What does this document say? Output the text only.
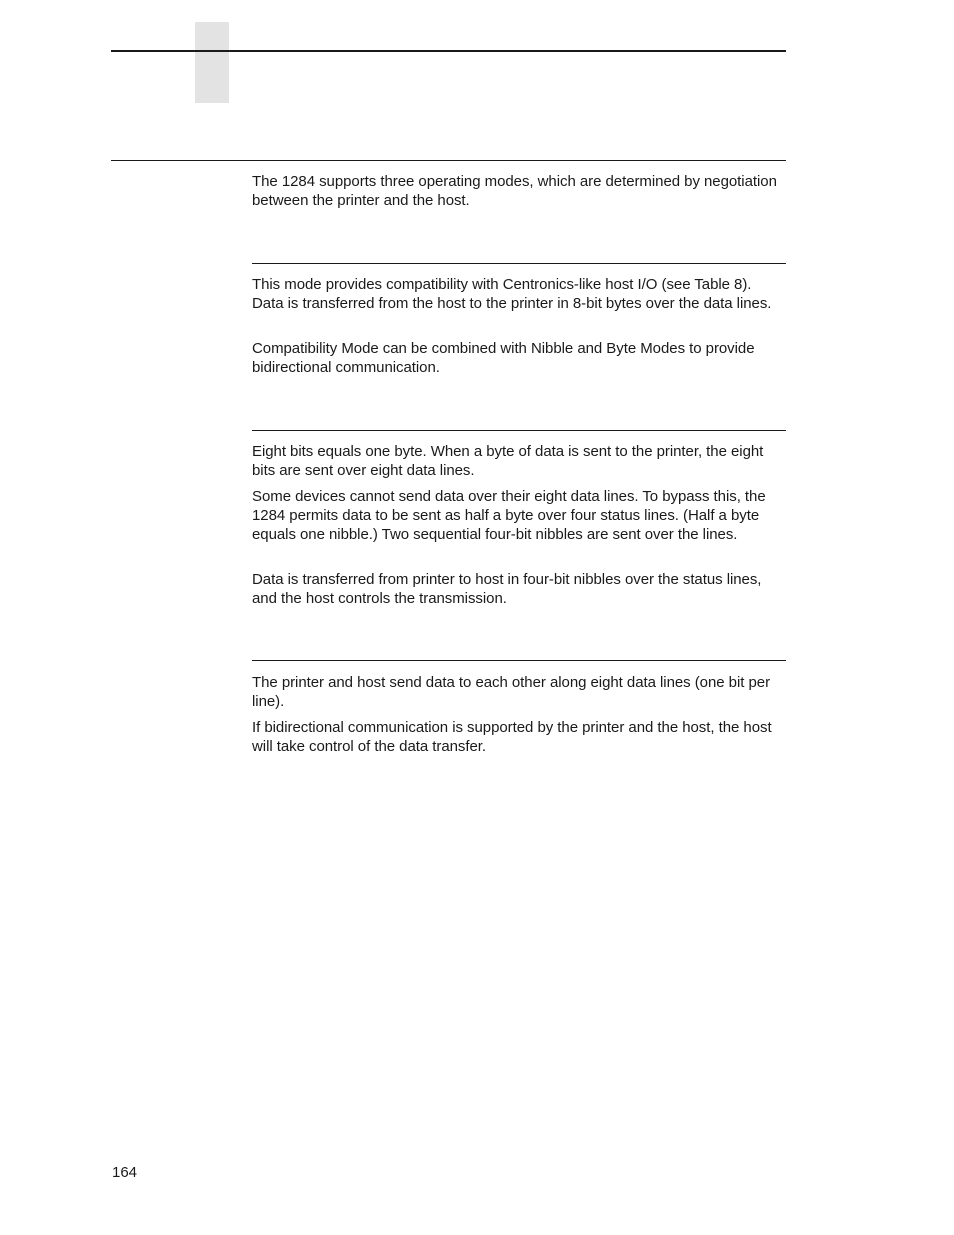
The 1284 supports three operating modes, which are determined by negotiation between the printer and the host.

This mode provides compatibility with Centronics-like host I/O (see Table 8). Data is transferred from the host to the printer in 8-bit bytes over the data lines.

Compatibility Mode can be combined with Nibble and Byte Modes to provide bidirectional communication.

Eight bits equals one byte. When a byte of data is sent to the printer, the eight bits are sent over eight data lines.

Some devices cannot send data over their eight data lines. To bypass this, the 1284 permits data to be sent as half a byte over four status lines. (Half a byte equals one nibble.) Two sequential four-bit nibbles are sent over the lines.

Data is transferred from printer to host in four-bit nibbles over the status lines, and the host controls the transmission.

The printer and host send data to each other along eight data lines (one bit per line).

If bidirectional communication is supported by the printer and the host, the host will take control of the data transfer.

164
